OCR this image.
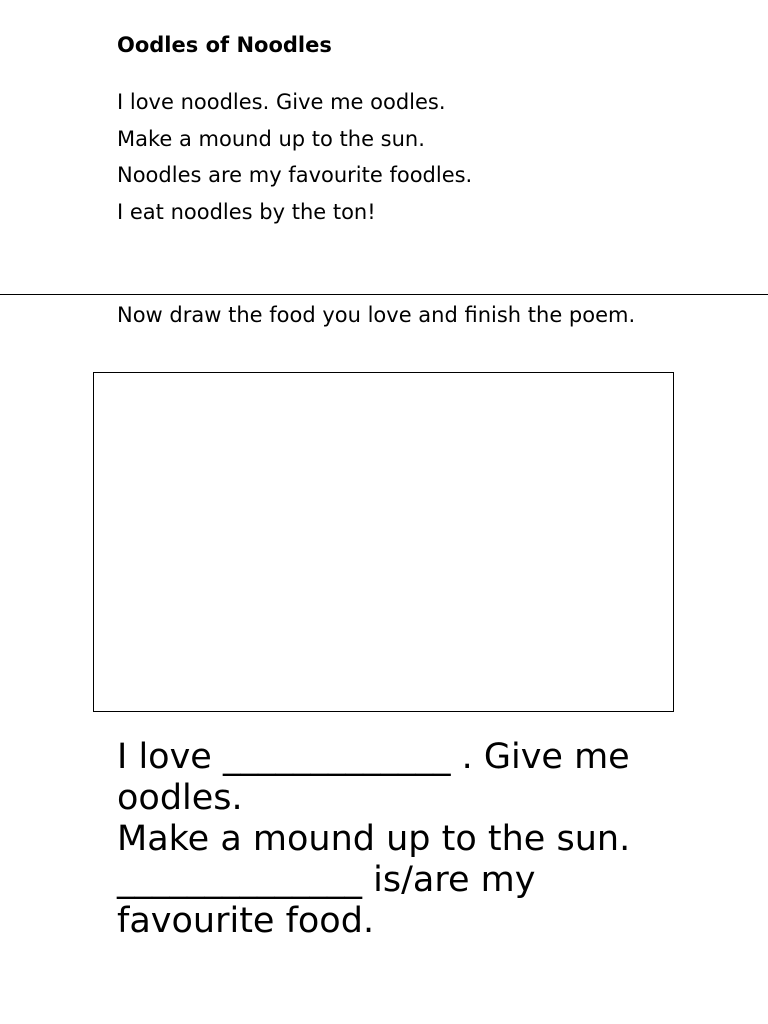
Oodles of Noodles
I love noodles. Give me oodles.
Make a mound up to the sun.
Noodles are my favourite foodles.
I eat noodles by the ton!

Now draw the food you love and finish the poem.

I love _____________ . Give me oodles.

Make a mound up to the sun.

______________ is/are my favourite food.
